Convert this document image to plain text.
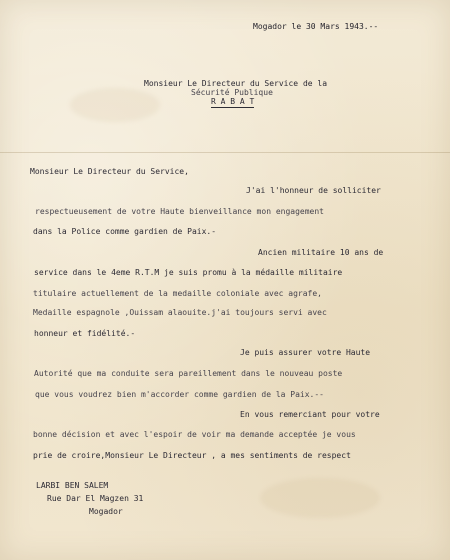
Mogador le 30 Mars 1943.--
Monsieur Le Directeur du Service de la
Sécurité Publique
R A B A T
Monsieur Le Directeur du Service,
J'ai l'honneur de solliciter
respectueusement de votre Haute bienveillance mon engagement
dans la Police comme gardien de Paix.-
Ancien militaire 10 ans de
service dans le 4eme R.T.M je suis promu à la médaille militaire
titulaire actuellement de la medaille coloniale avec agrafe,
Medaille espagnole ,Ouissam alaouite.j'ai toujours servi avec
honneur et fidélité.-
Je puis assurer votre Haute
Autorité que ma conduite sera pareillement dans le nouveau poste
que vous voudrez bien m'accorder comme gardien de la Paix.--
En vous remerciant pour votre
bonne décision et avec l'espoir de voir ma demande acceptée je vous
prie de croire,Monsieur Le Directeur , a mes sentiments de respect
LARBI BEN SALEM
Rue Dar El Magzen 31
Mogador
